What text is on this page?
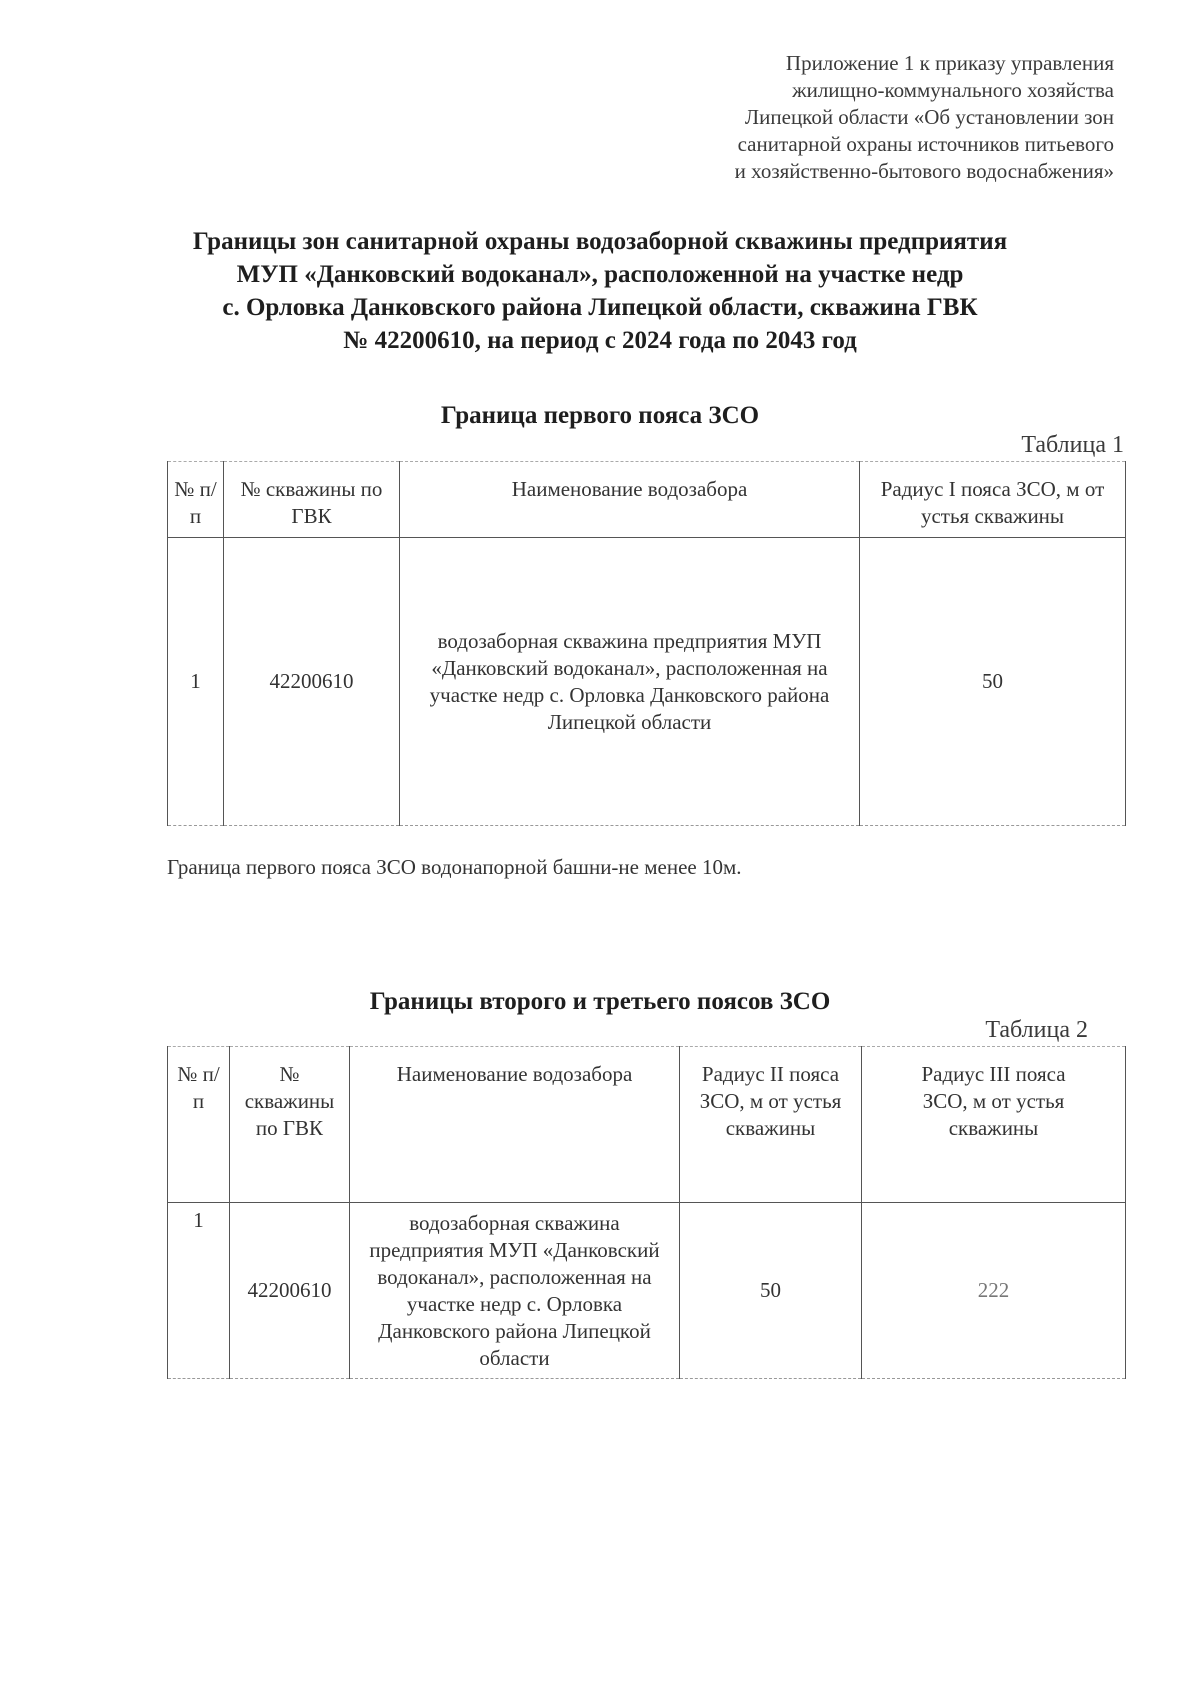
Приложение 1 к приказу управления
жилищно-коммунального хозяйства
Липецкой области «Об установлении зон
санитарной охраны источников питьевого
и хозяйственно-бытового водоснабжения»
Границы зон санитарной охраны водозаборной скважины предприятия
МУП «Данковский водоканал», расположенной на участке недр
с. Орловка Данковского района Липецкой области, скважина ГВК
№ 42200610, на период с 2024 года по 2043 год
Граница первого пояса ЗСО
Таблица 1
№ п/п	№ скважины по ГВК	Наименование водозабора	Радиус I пояса ЗСО, м от устья скважины
1	42200610	водозаборная скважина предприятия МУП «Данковский водоканал», расположенная на участке недр с. Орловка Данковского района Липецкой области	50
Граница первого пояса ЗСО водонапорной башни-не менее 10м.
Границы второго и третьего поясов ЗСО
Таблица 2
№ п/п	№ скважины по ГВК	Наименование водозабора	Радиус II пояса ЗСО, м от устья скважины	Радиус III пояса ЗСО, м от устья скважины
1	42200610	водозаборная скважина предприятия МУП «Данковский водоканал», расположенная на участке недр с. Орловка Данковского района Липецкой области	50	222
